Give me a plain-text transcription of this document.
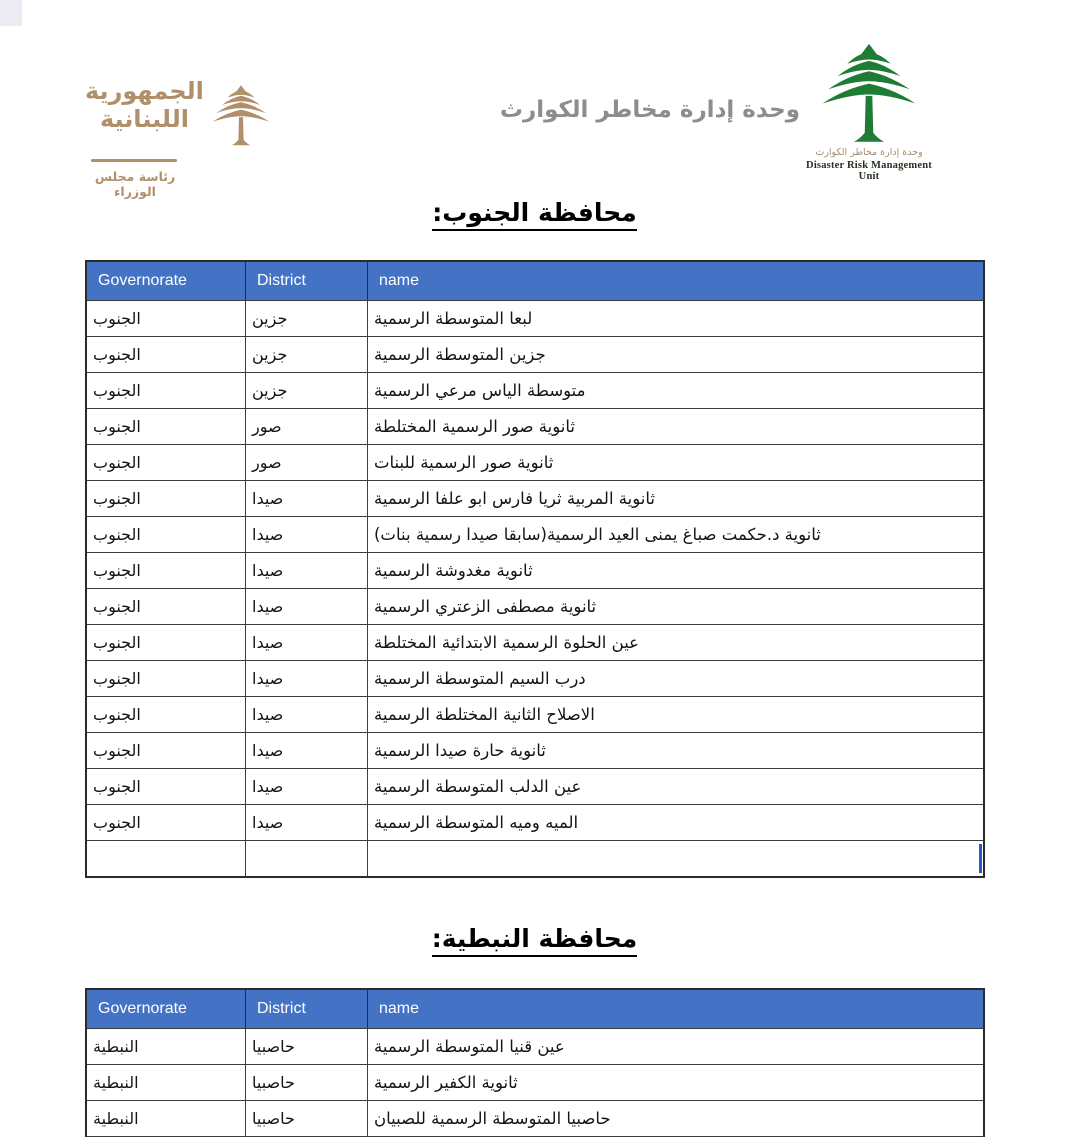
الجمهورية
اللبنانية
رئاسة مجلس الوزراء
وحدة إدارة مخاطر الكوارث
وحدة إدارة مخاطر الكوارث
Disaster Risk Management Unit
محافظة الجنوب:
Governorate	District	name
الجنوب	جزين	لبعا المتوسطة الرسمية
الجنوب	جزين	جزين المتوسطة الرسمية
الجنوب	جزين	متوسطة الياس مرعي الرسمية
الجنوب	صور	ثانوية صور الرسمية المختلطة
الجنوب	صور	ثانوية صور الرسمية للبنات
الجنوب	صيدا	ثانوية المربية ثريا فارس ابو علفا الرسمية
الجنوب	صيدا	ثانوية د.حكمت صباغ يمنى العيد الرسمية(سابقا صيدا رسمية بنات)
الجنوب	صيدا	ثانوية مغدوشة الرسمية
الجنوب	صيدا	ثانوية مصطفى الزعتري الرسمية
الجنوب	صيدا	عين الحلوة الرسمية الابتدائية المختلطة
الجنوب	صيدا	درب السيم المتوسطة الرسمية
الجنوب	صيدا	الاصلاح الثانية المختلطة الرسمية
الجنوب	صيدا	ثانوية حارة صيدا الرسمية
الجنوب	صيدا	عين الدلب المتوسطة الرسمية
الجنوب	صيدا	الميه وميه المتوسطة الرسمية
محافظة النبطية:
Governorate	District	name
النبطية	حاصبيا	عين قنيا المتوسطة الرسمية
النبطية	حاصبيا	ثانوية الكفير الرسمية
النبطية	حاصبيا	حاصبيا المتوسطة الرسمية للصبيان
